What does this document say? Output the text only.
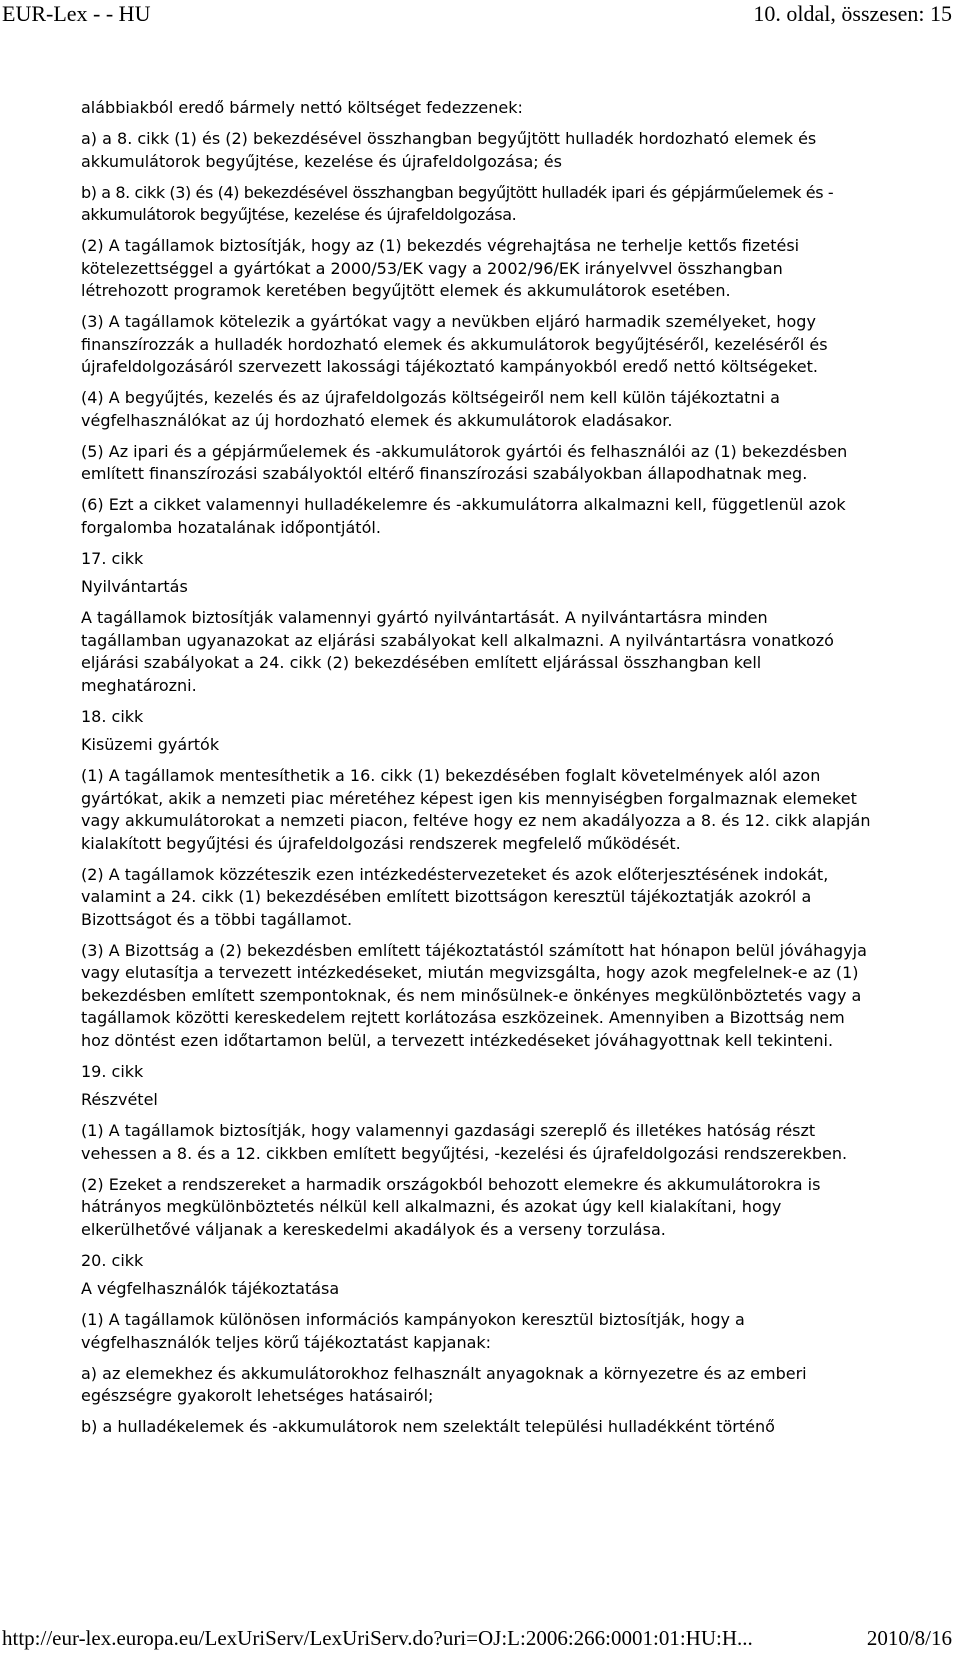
EUR-Lex - - HU	10. oldal, összesen: 15

alábbiakból eredő bármely nettó költséget fedezzenek:

a) a 8. cikk (1) és (2) bekezdésével összhangban begyűjtött hulladék hordozható elemek és akkumulátorok begyűjtése, kezelése és újrafeldolgozása; és

b) a 8. cikk (3) és (4) bekezdésével összhangban begyűjtött hulladék ipari és gépjárműelemek és -akkumulátorok begyűjtése, kezelése és újrafeldolgozása.

(2) A tagállamok biztosítják, hogy az (1) bekezdés végrehajtása ne terhelje kettős fizetési kötelezettséggel a gyártókat a 2000/53/EK vagy a 2002/96/EK irányelvvel összhangban létrehozott programok keretében begyűjtött elemek és akkumulátorok esetében.

(3) A tagállamok kötelezik a gyártókat vagy a nevükben eljáró harmadik személyeket, hogy finanszírozzák a hulladék hordozható elemek és akkumulátorok begyűjtéséről, kezeléséről és újrafeldolgozásáról szervezett lakossági tájékoztató kampányokból eredő nettó költségeket.

(4) A begyűjtés, kezelés és az újrafeldolgozás költségeiről nem kell külön tájékoztatni a végfelhasználókat az új hordozható elemek és akkumulátorok eladásakor.

(5) Az ipari és a gépjárműelemek és -akkumulátorok gyártói és felhasználói az (1) bekezdésben említett finanszírozási szabályoktól eltérő finanszírozási szabályokban állapodhatnak meg.

(6) Ezt a cikket valamennyi hulladékelemre és -akkumulátorra alkalmazni kell, függetlenül azok forgalomba hozatalának időpontjától.

17. cikk

Nyilvántartás

A tagállamok biztosítják valamennyi gyártó nyilvántartását. A nyilvántartásra minden tagállamban ugyanazokat az eljárási szabályokat kell alkalmazni. A nyilvántartásra vonatkozó eljárási szabályokat a 24. cikk (2) bekezdésében említett eljárással összhangban kell meghatározni.

18. cikk

Kisüzemi gyártók

(1) A tagállamok mentesíthetik a 16. cikk (1) bekezdésében foglalt követelmények alól azon gyártókat, akik a nemzeti piac méretéhez képest igen kis mennyiségben forgalmaznak elemeket vagy akkumulátorokat a nemzeti piacon, feltéve hogy ez nem akadályozza a 8. és 12. cikk alapján kialakított begyűjtési és újrafeldolgozási rendszerek megfelelő működését.

(2) A tagállamok közzéteszik ezen intézkedéstervezeteket és azok előterjesztésének indokát, valamint a 24. cikk (1) bekezdésében említett bizottságon keresztül tájékoztatják azokról a Bizottságot és a többi tagállamot.

(3) A Bizottság a (2) bekezdésben említett tájékoztatástól számított hat hónapon belül jóváhagyja vagy elutasítja a tervezett intézkedéseket, miután megvizsgálta, hogy azok megfelelnek-e az (1) bekezdésben említett szempontoknak, és nem minősülnek-e önkényes megkülönböztetés vagy a tagállamok közötti kereskedelem rejtett korlátozása eszközeinek. Amennyiben a Bizottság nem hoz döntést ezen időtartamon belül, a tervezett intézkedéseket jóváhagyottnak kell tekinteni.

19. cikk

Részvétel

(1) A tagállamok biztosítják, hogy valamennyi gazdasági szereplő és illetékes hatóság részt vehessen a 8. és a 12. cikkben említett begyűjtési, -kezelési és újrafeldolgozási rendszerekben.

(2) Ezeket a rendszereket a harmadik országokból behozott elemekre és akkumulátorokra is hátrányos megkülönböztetés nélkül kell alkalmazni, és azokat úgy kell kialakítani, hogy elkerülhetővé váljanak a kereskedelmi akadályok és a verseny torzulása.

20. cikk

A végfelhasználók tájékoztatása

(1) A tagállamok különösen információs kampányokon keresztül biztosítják, hogy a végfelhasználók teljes körű tájékoztatást kapjanak:

a) az elemekhez és akkumulátorokhoz felhasznált anyagoknak a környezetre és az emberi egészségre gyakorolt lehetséges hatásairól;

b) a hulladékelemek és -akkumulátorok nem szelektált települési hulladékként történő

http://eur-lex.europa.eu/LexUriServ/LexUriServ.do?uri=OJ:L:2006:266:0001:01:HU:H...	2010/8/16
